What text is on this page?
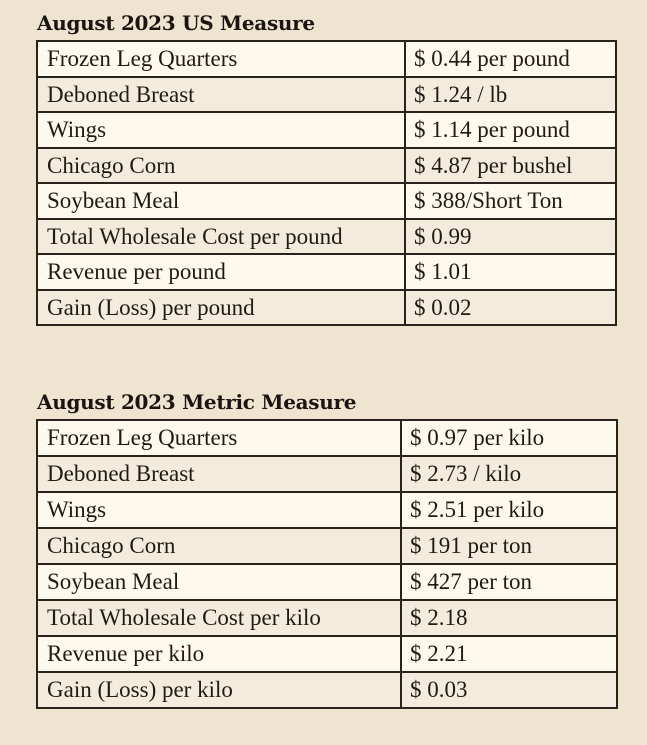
August 2023 US Measure
Frozen Leg Quarters	$ 0.44 per pound
Deboned Breast	$ 1.24 / lb
Wings	$ 1.14 per pound
Chicago Corn	$ 4.87 per bushel
Soybean Meal	$ 388/Short Ton
Total Wholesale Cost per pound	$ 0.99
Revenue per pound	$ 1.01
Gain (Loss) per pound	$ 0.02
August 2023 Metric Measure
Frozen Leg Quarters	$ 0.97 per kilo
Deboned Breast	$ 2.73 / kilo
Wings	$ 2.51 per kilo
Chicago Corn	$ 191 per ton
Soybean Meal	$ 427 per ton
Total Wholesale Cost per kilo	$ 2.18
Revenue per kilo	$ 2.21
Gain (Loss) per kilo	$ 0.03
